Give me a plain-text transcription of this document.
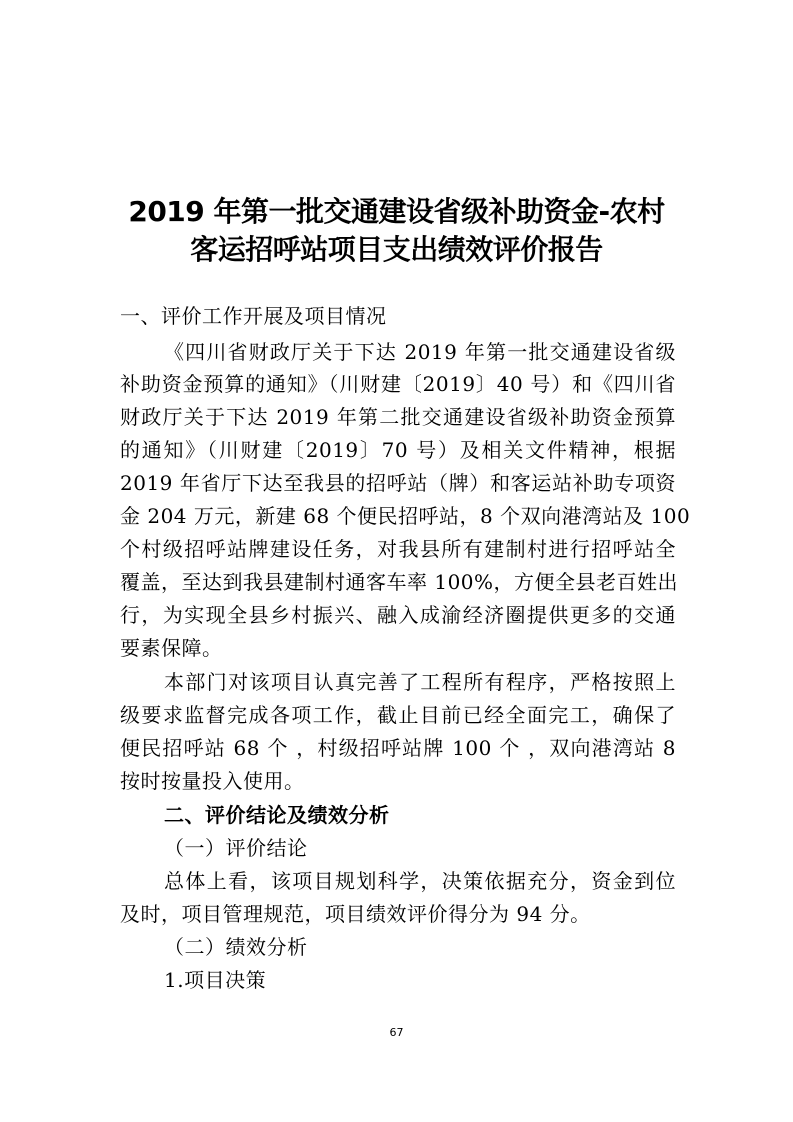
2019 年第一批交通建设省级补助资金-农村
客运招呼站项目支出绩效评价报告
一、评价工作开展及项目情况
《四川省财政厅关于下达 2019 年第一批交通建设省级
补助资金预算的通知》（川财建〔2019〕40 号）和《四川省
财政厅关于下达 2019 年第二批交通建设省级补助资金预算
的通知》（川财建〔2019〕70 号）及相关文件精神，根据
2019 年省厅下达至我县的招呼站（牌）和客运站补助专项资
金 204 万元，新建 68 个便民招呼站，8 个双向港湾站及 100
个村级招呼站牌建设任务，对我县所有建制村进行招呼站全
覆盖，至达到我县建制村通客车率 100%，方便全县老百姓出
行，为实现全县乡村振兴、融入成渝经济圈提供更多的交通
要素保障。
本部门对该项目认真完善了工程所有程序，严格按照上
级要求监督完成各项工作，截止目前已经全面完工，确保了
便民招呼站 68 个 ，村级招呼站牌 100 个 ，双向港湾站 8
按时按量投入使用。
二、评价结论及绩效分析
（一）评价结论
总体上看，该项目规划科学，决策依据充分，资金到位
及时，项目管理规范，项目绩效评价得分为 94 分。
（二）绩效分析
1.项目决策
67
